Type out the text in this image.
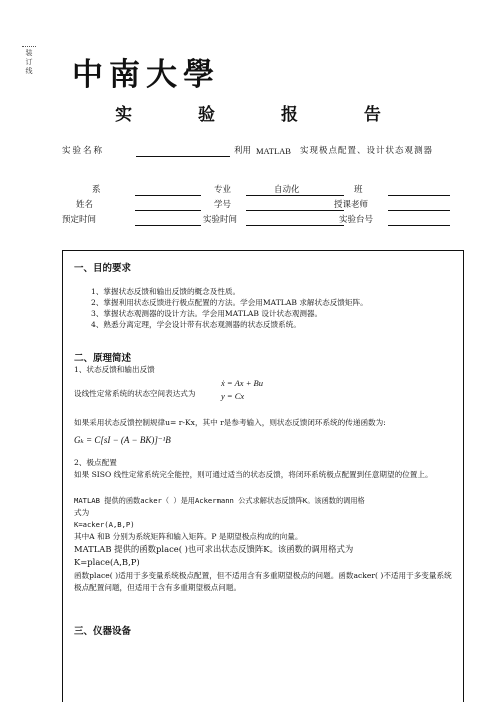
装
订
线 中南大學
实 验 报 告
实验名称	利用 MATLAB 实现极点配置、设计状态观测器
系	专业	自动化	班
姓名	学号	授课老师
预定时间	实验时间	实验台号
一、目的要求
1、掌握状态反馈和输出反馈的概念及性质。
2、掌握利用状态反馈进行极点配置的方法。学会用MATLAB 求解状态反馈矩阵。
3、掌握状态观测器的设计方法。学会用MATLAB 设计状态观测器。
4、熟悉分离定理，学会设计带有状态观测器的状态反馈系统。
二、原理简述
1、状态反馈和输出反馈
设线性定常系统的状态空间表达式为
ẋ = Ax + Bu
y = Cx
如果采用状态反馈控制规律u= r-Kx，其中 r是参考输入，则状态反馈闭环系统的传递函数为:
Gₖ = C[sI − (A − BK)]⁻¹B
2、极点配置
如果 SISO 线性定常系统完全能控，则可通过适当的状态反馈，将闭环系统极点配置到任意期望的位置上。
MATLAB 提供的函数acker（ ）是用Ackermann 公式求解状态反馈阵K。该函数的调用格
式为
K=acker(A,B,P)
其中A 和B 分别为系统矩阵和输入矩阵。P 是期望极点构成的向量。
MATLAB 提供的函数place( )也可求出状态反馈阵K。该函数的调用格式为
K=place(A,B,P)
函数place( )适用于多变量系统极点配置，但不适用含有多重期望极点的问题。函数acker( )不适用于多变量系统极点配置问题，但适用于含有多重期望极点问题。
三、仪器设备
